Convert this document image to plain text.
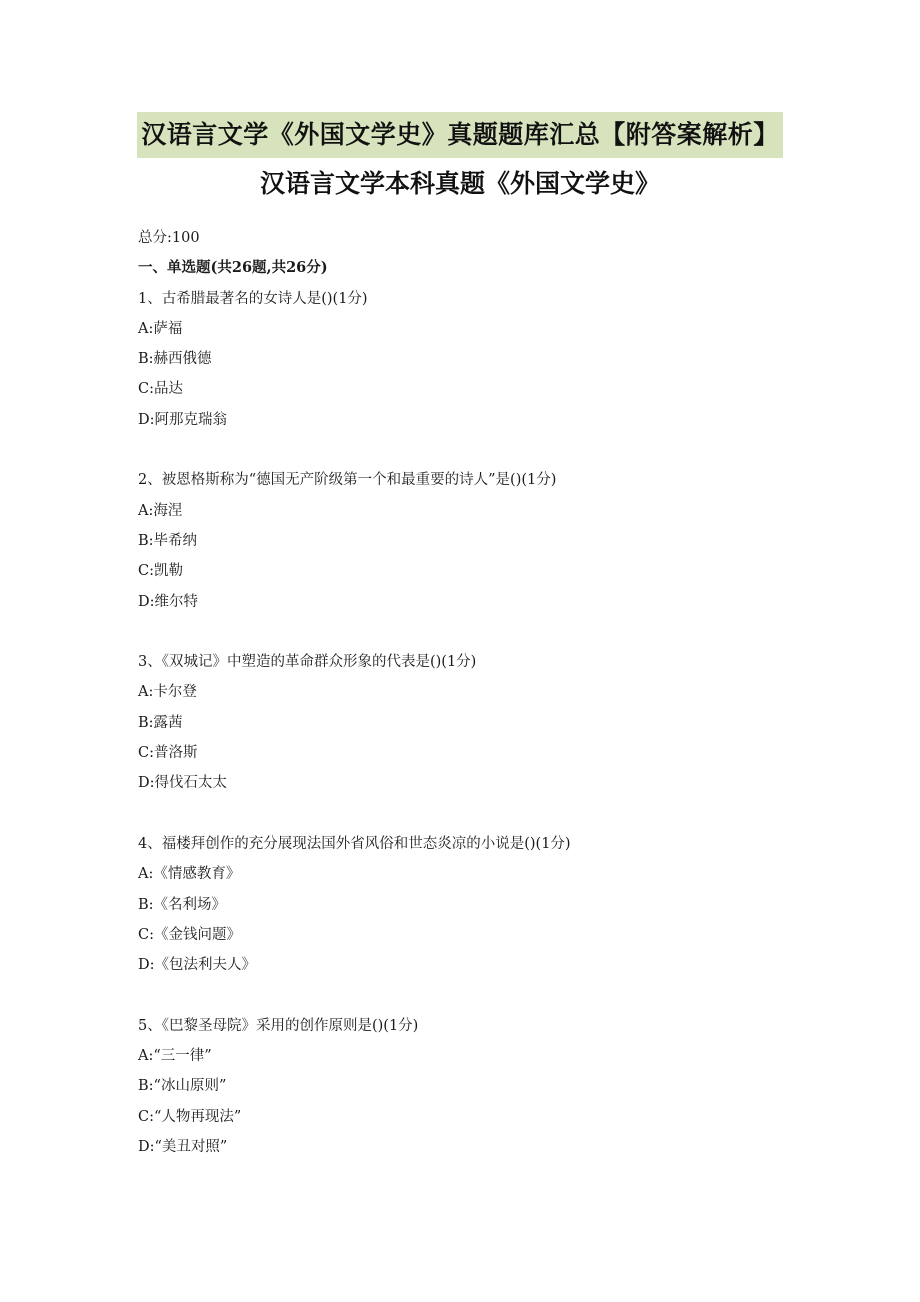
汉语言文学《外国文学史》真题题库汇总【附答案解析】
汉语言文学本科真题《外国文学史》
总分:100
一、单选题(共26题,共26分)
1、古希腊最著名的女诗人是()(1分)
A:萨福
B:赫西俄德
C:品达
D:阿那克瑞翁
2、被恩格斯称为“德国无产阶级第一个和最重要的诗人”是()(1分)
A:海涅
B:毕希纳
C:凯勒
D:维尔特
3、《双城记》中塑造的革命群众形象的代表是()(1分)
A:卡尔登
B:露茜
C:普洛斯
D:得伐石太太
4、福楼拜创作的充分展现法国外省风俗和世态炎凉的小说是()(1分)
A:《情感教育》
B:《名利场》
C:《金钱问题》
D:《包法利夫人》
5、《巴黎圣母院》采用的创作原则是()(1分)
A:“三一律”
B:“冰山原则”
C:“人物再现法”
D:“美丑对照”
